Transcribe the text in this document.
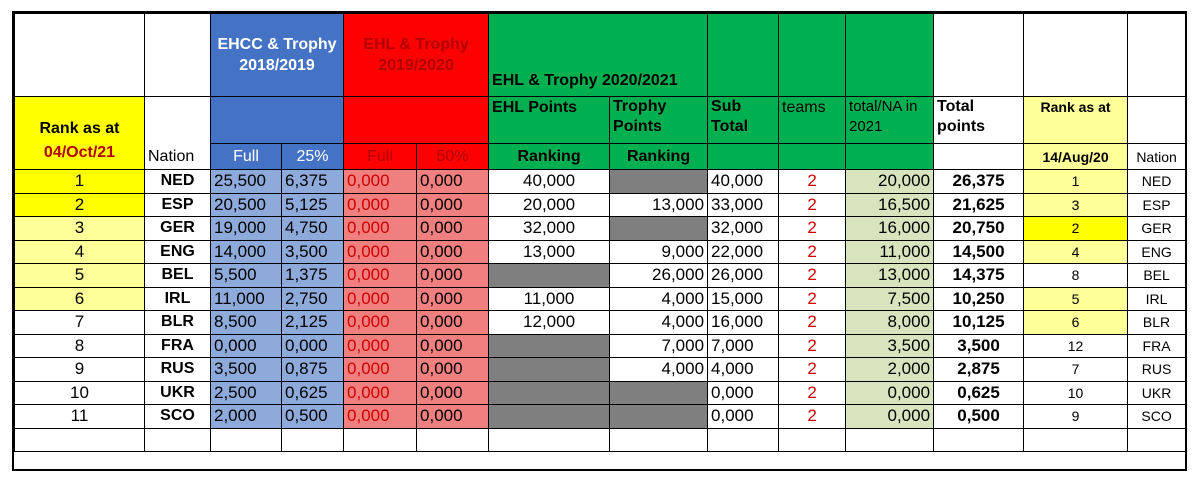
		EHCC & Trophy 2018/2019		EHL & Trophy 2019/2020		EHL & Trophy 2020/2021							

Rank as at
04/Oct/21	Nation					EHL Points	Trophy Points	Sub Total	teams	total/NA in 2021	Total points	Rank as at	
		Full	25%	Full	50%	Ranking	Ranking					14/Aug/20	Nation
1	NED	25,500	6,375	0,000	0,000	40,000		40,000	2	20,000	26,375	1	NED
2	ESP	20,500	5,125	0,000	0,000	20,000	13,000	33,000	2	16,500	21,625	3	ESP
3	GER	19,000	4,750	0,000	0,000	32,000		32,000	2	16,000	20,750	2	GER
4	ENG	14,000	3,500	0,000	0,000	13,000	9,000	22,000	2	11,000	14,500	4	ENG
5	BEL	5,500	1,375	0,000	0,000		26,000	26,000	2	13,000	14,375	8	BEL
6	IRL	11,000	2,750	0,000	0,000	11,000	4,000	15,000	2	7,500	10,250	5	IRL
7	BLR	8,500	2,125	0,000	0,000	12,000	4,000	16,000	2	8,000	10,125	6	BLR
8	FRA	0,000	0,000	0,000	0,000		7,000	7,000	2	3,500	3,500	12	FRA
9	RUS	3,500	0,875	0,000	0,000		4,000	4,000	2	2,000	2,875	7	RUS
10	UKR	2,500	0,625	0,000	0,000			0,000	2	0,000	0,625	10	UKR
11	SCO	2,000	0,500	0,000	0,000			0,000	2	0,000	0,500	9	SCO
